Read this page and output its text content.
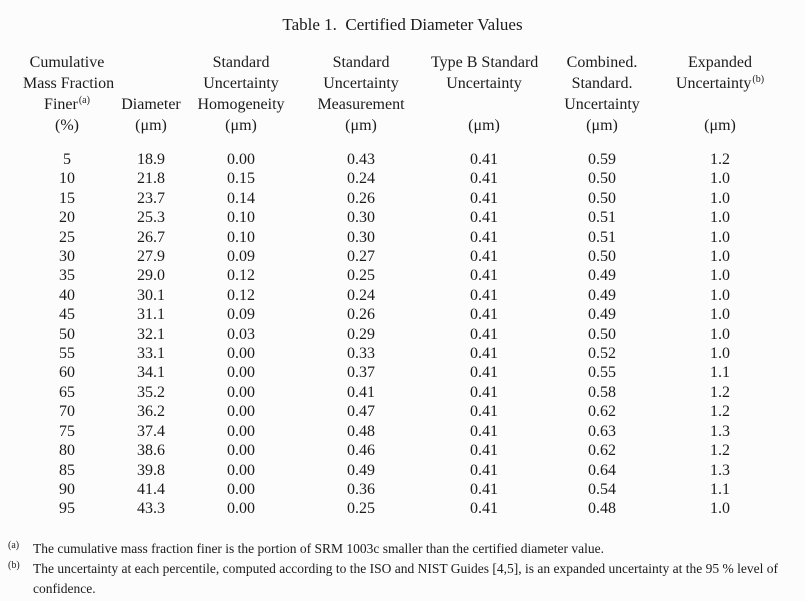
Table 1.  Certified Diameter Values
Cumulative
Mass Fraction
Finer$^{(a)}$
(%)

Diameter
(μm)

Standard
Uncertainty
Homogeneity
(μm)

Standard
Uncertainty
Measurement
(μm)

Type B Standard
Uncertainty
(μm)

Combined.
Standard.
Uncertainty
(μm)

Expanded
Uncertainty$^{(b)}$
(μm)

5	18.9	0.00	0.43	0.41	0.59	1.2
10	21.8	0.15	0.24	0.41	0.50	1.0
15	23.7	0.14	0.26	0.41	0.50	1.0
20	25.3	0.10	0.30	0.41	0.51	1.0
25	26.7	0.10	0.30	0.41	0.51	1.0
30	27.9	0.09	0.27	0.41	0.50	1.0
35	29.0	0.12	0.25	0.41	0.49	1.0
40	30.1	0.12	0.24	0.41	0.49	1.0
45	31.1	0.09	0.26	0.41	0.49	1.0
50	32.1	0.03	0.29	0.41	0.50	1.0
55	33.1	0.00	0.33	0.41	0.52	1.0
60	34.1	0.00	0.37	0.41	0.55	1.1
65	35.2	0.00	0.41	0.41	0.58	1.2
70	36.2	0.00	0.47	0.41	0.62	1.2
75	37.4	0.00	0.48	0.41	0.63	1.3
80	38.6	0.00	0.46	0.41	0.62	1.2
85	39.8	0.00	0.49	0.41	0.64	1.3
90	41.4	0.00	0.36	0.41	0.54	1.1
95	43.3	0.00	0.25	0.41	0.48	1.0
(a) The cumulative mass fraction finer is the portion of SRM 1003c smaller than the certified diameter value.
(b) The uncertainty at each percentile, computed according to the ISO and NIST Guides [4,5], is an expanded uncertainty at the 95 % level of confidence.
